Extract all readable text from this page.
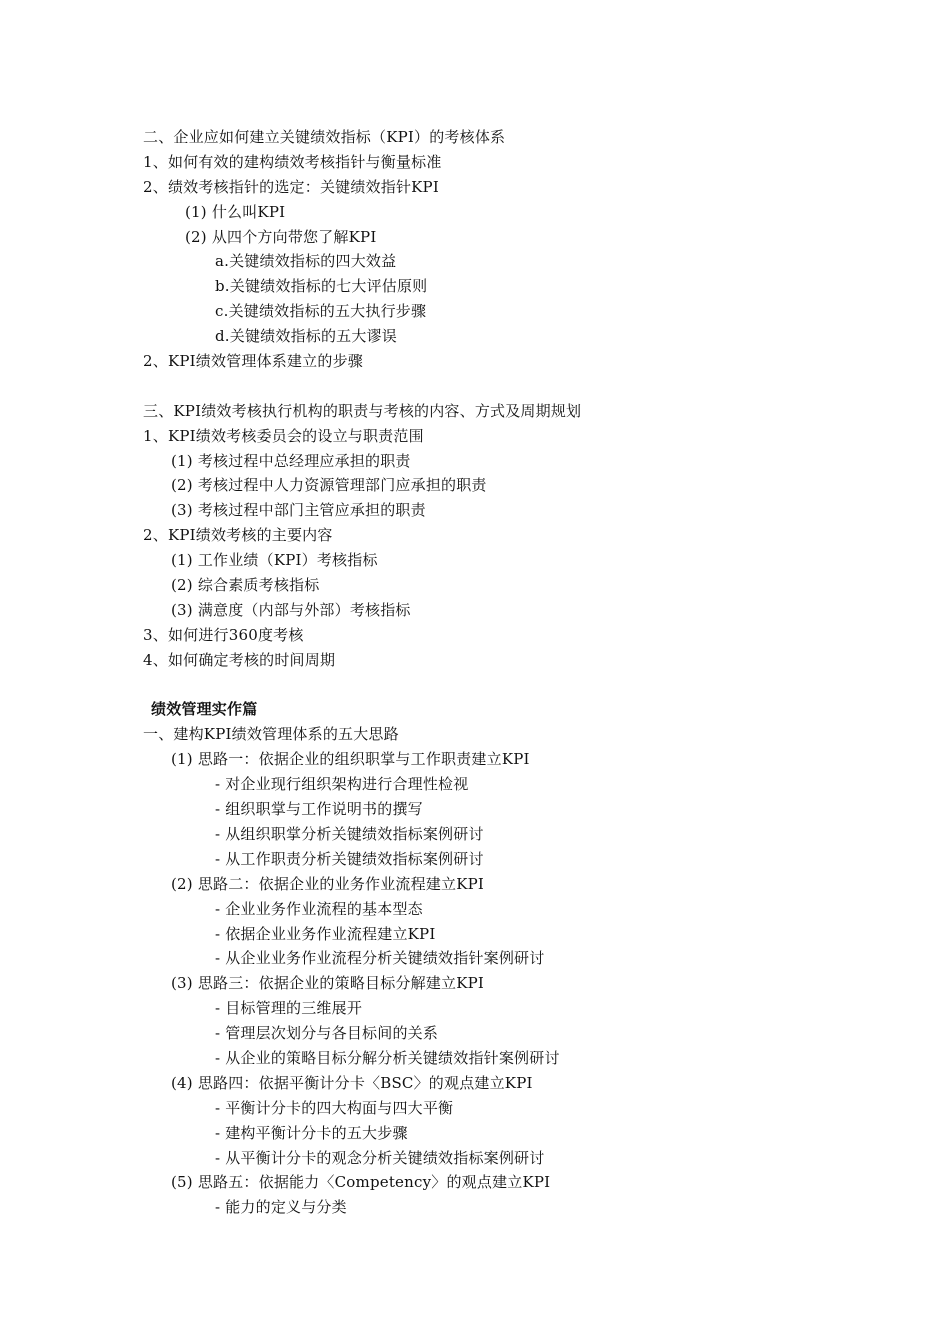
二、企业应如何建立关键绩效指标（KPI）的考核体系
1、如何有效的建构绩效考核指针与衡量标准
2、绩效考核指针的选定：关键绩效指针KPI
(1) 什么叫KPI
(2) 从四个方向带您了解KPI
a.关键绩效指标的四大效益
b.关键绩效指标的七大评估原则
c.关键绩效指标的五大执行步骤
d.关键绩效指标的五大谬误
2、KPI绩效管理体系建立的步骤
三、KPI绩效考核执行机构的职责与考核的内容、方式及周期规划
1、KPI绩效考核委员会的设立与职责范围
(1) 考核过程中总经理应承担的职责
(2) 考核过程中人力资源管理部门应承担的职责
(3) 考核过程中部门主管应承担的职责
2、KPI绩效考核的主要内容
(1) 工作业绩（KPI）考核指标
(2) 综合素质考核指标
(3) 满意度（内部与外部）考核指标
3、如何进行360度考核
4、如何确定考核的时间周期
绩效管理实作篇
一、建构KPI绩效管理体系的五大思路
(1) 思路一：依据企业的组织职掌与工作职责建立KPI
- 对企业现行组织架构进行合理性检视
- 组织职掌与工作说明书的撰写
- 从组织职掌分析关键绩效指标案例研讨
- 从工作职责分析关键绩效指标案例研讨
(2) 思路二：依据企业的业务作业流程建立KPI
- 企业业务作业流程的基本型态
- 依据企业业务作业流程建立KPI
- 从企业业务作业流程分析关键绩效指针案例研讨
(3) 思路三：依据企业的策略目标分解建立KPI
- 目标管理的三维展开
- 管理层次划分与各目标间的关系
- 从企业的策略目标分解分析关键绩效指针案例研讨
(4) 思路四：依据平衡计分卡〈BSC〉的观点建立KPI
- 平衡计分卡的四大构面与四大平衡
- 建构平衡计分卡的五大步骤
- 从平衡计分卡的观念分析关键绩效指标案例研讨
(5) 思路五：依据能力〈Competency〉的观点建立KPI
- 能力的定义与分类
